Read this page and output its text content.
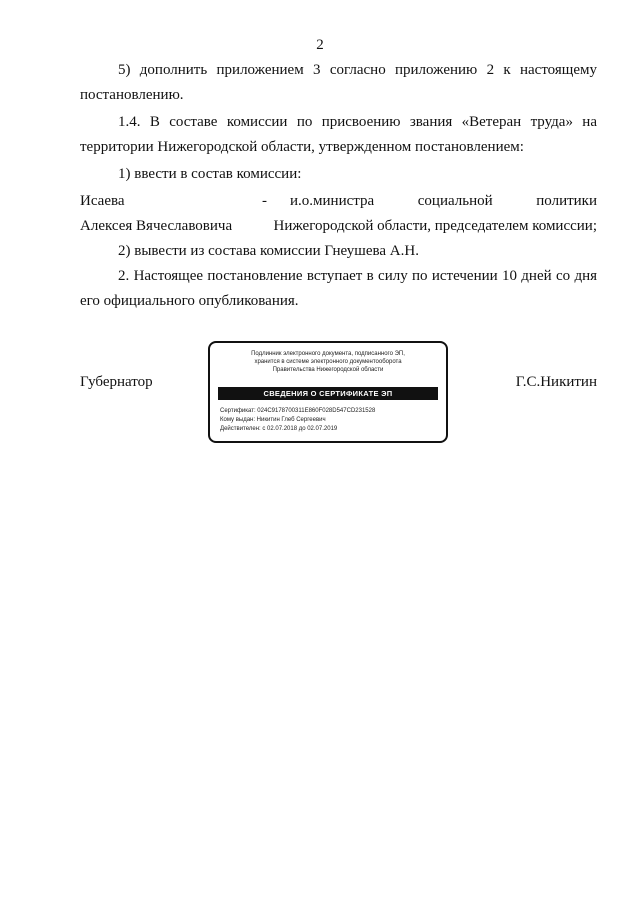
2

5) дополнить приложением 3 согласно приложению 2 к настоящему постановлению.

1.4. В составе комиссии по присвоению звания «Ветеран труда» на территории Нижегородской области, утвержденном постановлением:

1) ввести в состав комиссии:

Исаева
Алексея Вячеславовича
- и.о.министра социальной политики
Нижегородской области, председателем комиссии;

2) вывести из состава комиссии Гнеушева А.Н.

2. Настоящее постановление вступает в силу по истечении 10 дней со дня его официального опубликования.

Губернатор	Г.С.Никитин
Подлинник электронного документа, подписанного ЭП,
хранится в системе электронного документооборота
Правительства Нижегородской области
СВЕДЕНИЯ О СЕРТИФИКАТЕ ЭП
Сертификат: 024C9178700311E860F028D547CD231528
Кому выдан: Никитин Глеб Сергеевич
Действителен: с 02.07.2018 до 02.07.2019
